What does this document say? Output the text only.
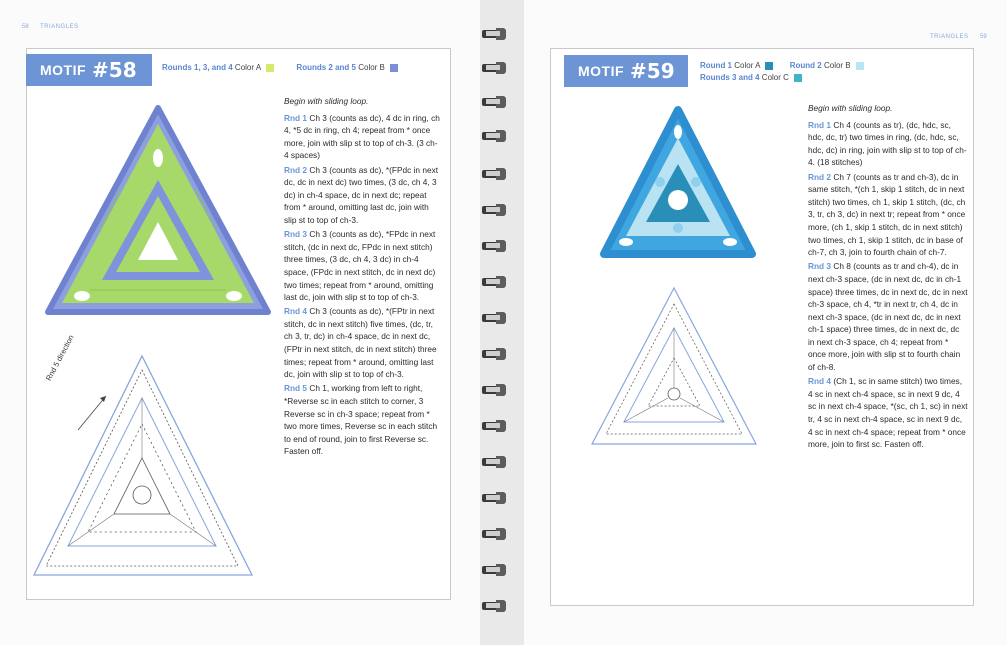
58 TRIANGLES
MOTIF #58	Rounds 1, 3, and 4 Color A	Rounds 2 and 5 Color B
Rnd 5 direction

Begin with sliding loop.

Rnd 1 Ch 3 (counts as dc), 4 dc in ring, ch 4, *5 dc in ring, ch 4; repeat from * once more, join with slip st to top of ch-3. (3 ch-4 spaces)

Rnd 2 Ch 3 (counts as dc), *(FPdc in next dc, dc in next dc) two times, (3 dc, ch 4, 3 dc) in ch-4 space, dc in next dc; repeat from * around, omitting last dc, join with slip st to top of ch-3.

Rnd 3 Ch 3 (counts as dc), *FPdc in next stitch, (dc in next dc, FPdc in next stitch) three times, (3 dc, ch 4, 3 dc) in ch-4 space, (FPdc in next stitch, dc in next dc) two times; repeat from * around, omitting last dc, join with slip st to top of ch-3.

Rnd 4 Ch 3 (counts as dc), *(FPtr in next stitch, dc in next stitch) five times, (dc, tr, ch 3, tr, dc) in ch-4 space, dc in next dc, (FPtr in next stitch, dc in next stitch) three times; repeat from * around, omitting last dc, join with slip st to top of ch-3.

Rnd 5 Ch 1, working from left to right, *Reverse sc in each stitch to corner, 3 Reverse sc in ch-3 space; repeat from * two more times, Reverse sc in each stitch to end of round, join to first Reverse sc. Fasten off.

TRIANGLES 59
MOTIF #59	Round 1 Color A	Round 2 Color B
Rounds 3 and 4 Color C

Begin with sliding loop.

Rnd 1 Ch 4 (counts as tr), (dc, hdc, sc, hdc, dc, tr) two times in ring, (dc, hdc, sc, hdc, dc) in ring, join with slip st to top of ch-4. (18 stitches)

Rnd 2 Ch 7 (counts as tr and ch-3), dc in same stitch, *(ch 1, skip 1 stitch, dc in next stitch) two times, ch 1, skip 1 stitch, (dc, ch 3, tr, ch 3, dc) in next tr; repeat from * once more, (ch 1, skip 1 stitch, dc in next stitch) two times, ch 1, skip 1 stitch, dc in base of ch-7, ch 3, join to fourth chain of ch-7.

Rnd 3 Ch 8 (counts as tr and ch-4), dc in next ch-3 space, (dc in next dc, dc in ch-1 space) three times, dc in next dc, dc in next ch-3 space, ch 4, *tr in next tr, ch 4, dc in next ch-3 space, (dc in next dc, dc in next ch-1 space) three times, dc in next dc, dc in next ch-3 space, ch 4; repeat from * once more, join with slip st to fourth chain of ch-8.

Rnd 4 (Ch 1, sc in same stitch) two times, 4 sc in next ch-4 space, sc in next 9 dc, 4 sc in next ch-4 space, *(sc, ch 1, sc) in next tr, 4 sc in next ch-4 space, sc in next 9 dc, 4 sc in next ch-4 space; repeat from * once more, join to first sc. Fasten off.
